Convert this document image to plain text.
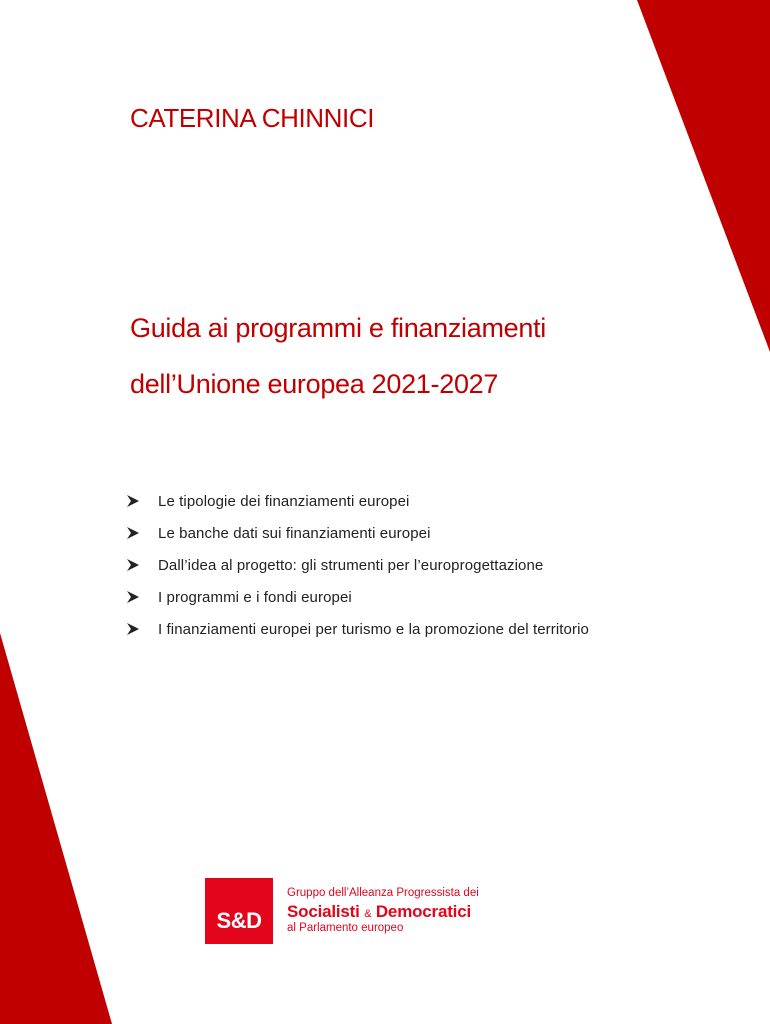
CATERINA CHINNICI
Guida ai programmi e finanziamenti
dell’Unione europea 2021-2027
Le tipologie dei finanziamenti europei
Le banche dati sui finanziamenti europei
Dall’idea al progetto: gli strumenti per l’europrogettazione
I programmi e i fondi europei
I finanziamenti europei per turismo e la promozione del territorio
S&D
Gruppo dell’Alleanza Progressista dei
Socialisti & Democratici
al Parlamento europeo
